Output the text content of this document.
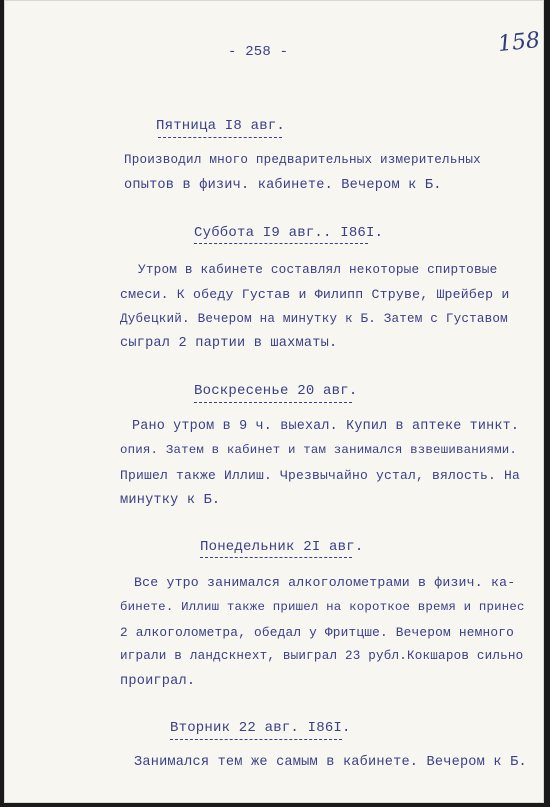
- 258 -	158
Пятница I8 авг.
Производил много предварительных измерительных
опытов в физич. кабинете. Вечером к Б.
Суббота I9 авг.. I86I.
Утром в кабинете составлял некоторые спиртовые
смеси. К обеду Густав и Филипп Струве, Шрейбер и
Дубецкий. Вечером на минутку к Б. Затем с Густавом
сыграл 2 партии в шахматы.
Воскресенье 20 авг.
Рано утром в 9 ч. выехал. Купил в аптеке тинкт.
опия. Затем в кабинет и там занимался взвешиваниями.
Пришел также Иллиш. Чрезвычайно устал, вялость. На
минутку к Б.
Понедельник 2I авг.
Все утро занимался алкоголометрами в физич. ка-
бинете. Иллиш также пришел на короткое время и принес
2 алкоголометра, обедал у Фритцше. Вечером немного
играли в ландскнехт, выиграл 23 рубл.Кокшаров сильно
проиграл.
Вторник 22 авг. I86I.
Занимался тем же самым в кабинете. Вечером к Б.
